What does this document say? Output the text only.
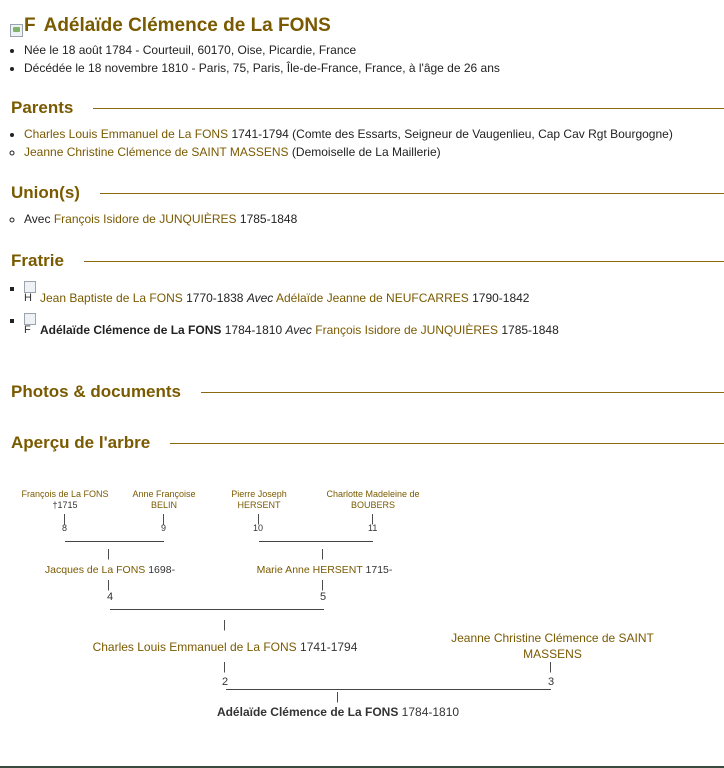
F Adélaïde Clémence de La FONS
• Née le 18 août 1784 - Courteuil, 60170, Oise, Picardie, France
• Décédée le 18 novembre 1810 - Paris, 75, Paris, Île-de-France, France, à l'âge de 26 ans
Parents
• Charles Louis Emmanuel de La FONS 1741-1794 (Comte des Essarts, Seigneur de Vaugenlieu, Cap Cav Rgt Bourgogne)
◦ Jeanne Christine Clémence de SAINT MASSENS (Demoiselle de La Maillerie)
Union(s)
◦ Avec François Isidore de JUNQUIÈRES 1785-1848
Fratrie
H Jean Baptiste de La FONS 1770-1838 Avec Adélaïde Jeanne de NEUFCARRES 1790-1842
F Adélaïde Clémence de La FONS 1784-1810 Avec François Isidore de JUNQUIÈRES 1785-1848
Photos & documents
Aperçu de l'arbre
François de La FONS
†1715
Anne Françoise BELIN
Pierre Joseph HERSENT
Charlotte Madeleine de BOUBERS
|	|	|	|
8	9	10	11
|	|
Jacques de La FONS 1698-	Marie Anne HERSENT 1715-
|	|
4	5
|
Charles Louis Emmanuel de La FONS 1741-1794
Jeanne Christine Clémence de SAINT MASSENS
|	|
2	3
|
Adélaïde Clémence de La FONS 1784-1810
